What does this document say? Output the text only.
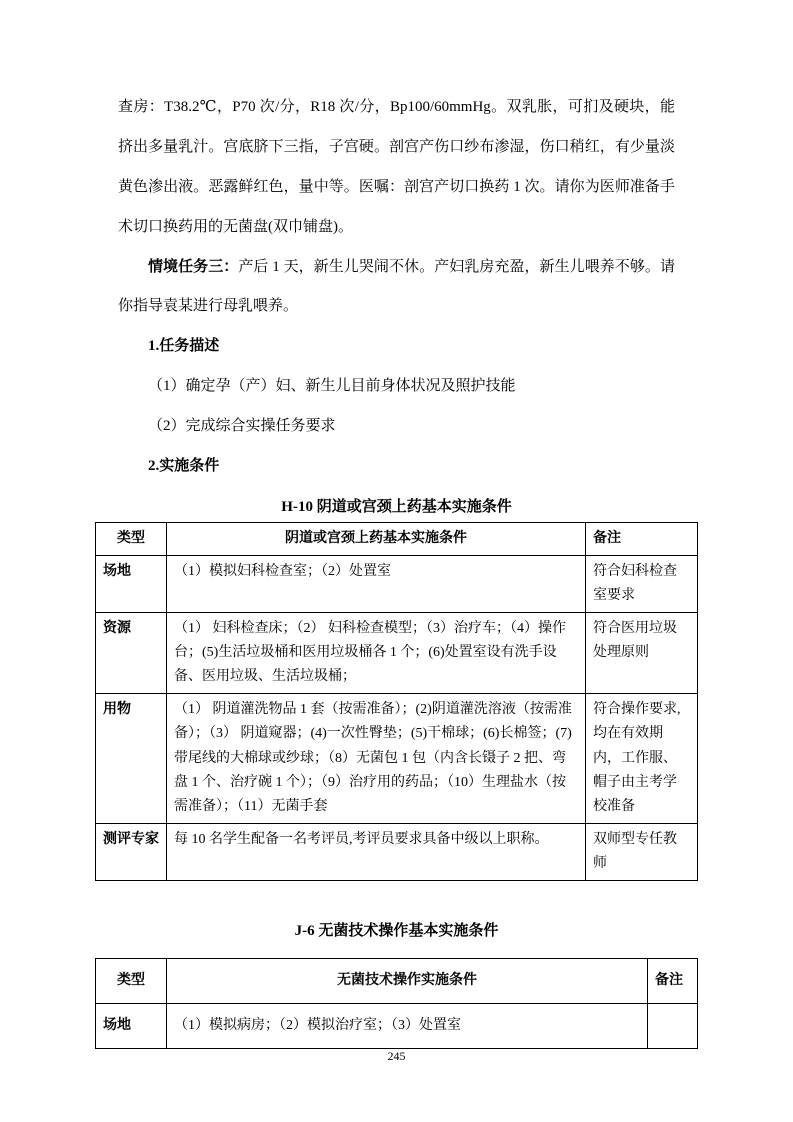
查房：T38.2℃，P70 次/分，R18 次/分，Bp100/60mmHg。双乳胀，可扪及硬块，能挤出多量乳汁。宫底脐下三指，子宫硬。剖宫产伤口纱布渗湿，伤口稍红，有少量淡黄色渗出液。恶露鲜红色，量中等。医嘱：剖宫产切口换药 1 次。请你为医师准备手术切口换药用的无菌盘(双巾铺盘)。

情境任务三：产后 1 天，新生儿哭闹不休。产妇乳房充盈，新生儿喂养不够。请你指导袁某进行母乳喂养。

1.任务描述

（1）确定孕（产）妇、新生儿目前身体状况及照护技能

（2）完成综合实操任务要求

2.实施条件

H-10 阴道或宫颈上药基本实施条件
类型	阴道或宫颈上药基本实施条件	备注
场地	（1）模拟妇科检查室；（2）处置室	符合妇科检查室要求
资源	（1） 妇科检查床；（2） 妇科检查模型；（3）治疗车；（4）操作台；(5)生活垃圾桶和医用垃圾桶各 1 个；(6)处置室设有洗手设备、医用垃圾、生活垃圾桶；	符合医用垃圾处理原则
用物	（1） 阴道灌洗物品 1 套（按需准备）；(2)阴道灌洗溶液（按需准备）；（3） 阴道窥器；(4)一次性臀垫；(5)干棉球；(6)长棉签；(7)带尾线的大棉球或纱球；（8）无菌包 1 包（内含长镊子 2 把、弯盘 1 个、治疗碗 1 个）；（9）治疗用的药品；（10）生理盐水（按需准备）；（11）无菌手套	符合操作要求,均在有效期内，工作服、帽子由主考学校准备
测评专家	每 10 名学生配备一名考评员,考评员要求具备中级以上职称。	双师型专任教师
J-6 无菌技术操作基本实施条件
类型	无菌技术操作实施条件	备注
场地	（1）模拟病房；（2）模拟治疗室；（3）处置室	
245
